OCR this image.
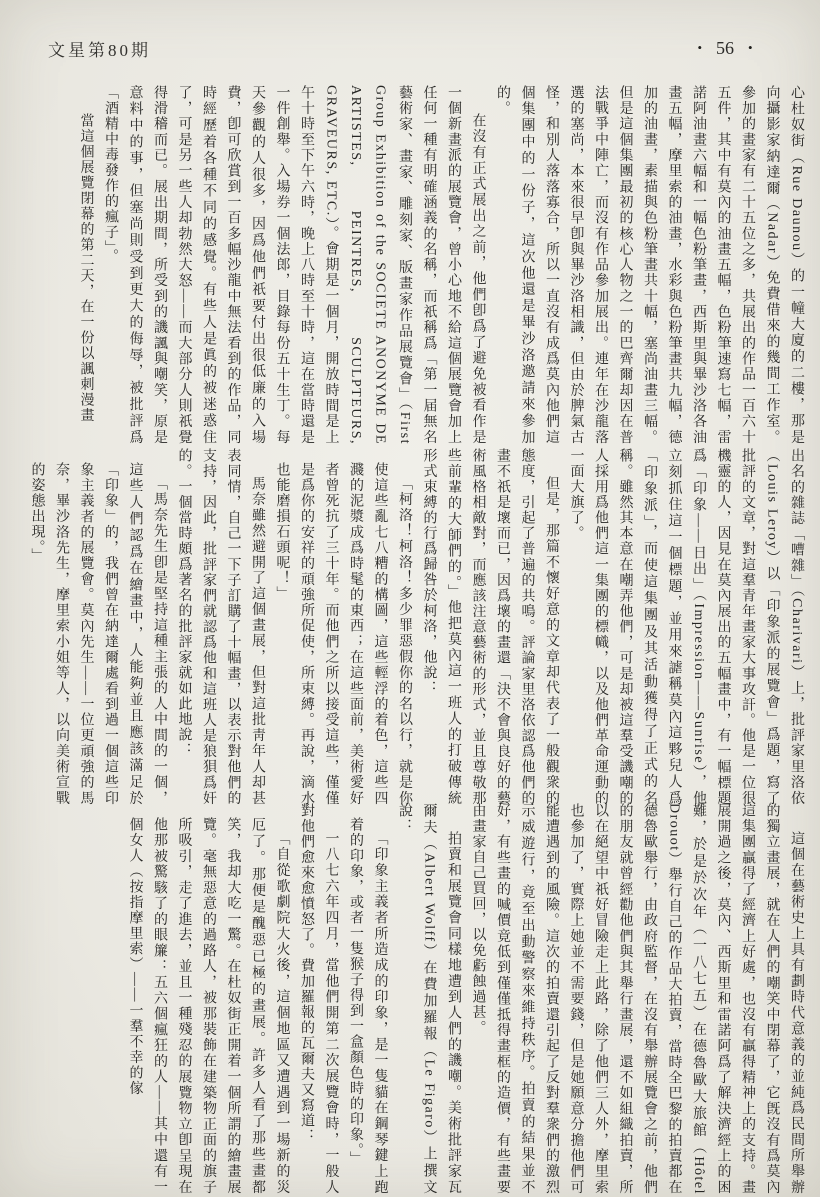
文星第80期	• 56 •

心杜奴街（Rue Daunou）的一幢大廈的二樓，那是向攝影家納達爾（Nadar）免費借來的幾間工作室。參加的畫家有二十五位之多，共展出的作品一百六十五件，其中有莫內的油畫五幅，色粉筆速寫七幅，雷諾阿油畫六幅和一幅色粉筆畫，西斯里與畢沙洛各油畫五幅，摩里索的油畫，水彩與色粉筆畫共九幅，德加的油畫，素描與色粉筆畫共十幅，塞尚油畫三幅。但是這個集團最初的核心人物之一的巴齊爾却因在普法戰爭中陣亡，而沒有作品參加展出。連年在沙龍落選的塞尚，本來很早卽與畢沙洛相識，但由於脾氣古怪，和別人落落寡合，所以一直沒有成爲莫內他們這個集團中的一份子，這次他還是畢沙洛邀請來參加的。

在沒有正式展出之前，他們卽爲了避免被看作是一個新畫派的展覽會，曾小心地不給這個展覽會加上任何一種有明確涵義的名稱，而祇稱爲「第一届無名藝術家、畫家、雕刻家、版畫家作品展覽會」（First Group Exhibition of the SOCIETE ANONYME DE ARTISTES, PEINTRES, SCULPTEURS, GRAVEURS, ETC.）。會期是一個月，開放時間是上午十時至下午六時，晚上八時至十時，這在當時還是一件創舉。入場券一個法郎，目錄每份五十生丁。每天參觀的人很多，因爲他們祇要付出很低廉的入場費，卽可欣賞到一百多幅沙龍中無法看到的作品，同時經歷着各種不同的感覺。有些人是眞的被迷惑住了，可是另一些人却勃然大怒——而大部分人則祇覺得滑稽而已。展出期間，所受到的譏諷與嘲笑，原是意料中的事，但塞尚則受到更大的侮辱，被批評爲「酒精中毒發作的瘋子」。

當這個展覽閉幕的第二天，在一份以諷刺漫畫

出名的雜誌「嘈雜」（Charivari）上，批評家里洛依（Louis Leroy）以「印象派的展覽會」爲題，寫了批評的文章，對這羣青年畫家大事攻訐。他是一位很機靈的人，因見在莫內展出的五幅畫中，有一幅標題爲「印象——日出」（Impression——Sunrise），他立刻抓住這一個標題，並用來謔稱莫內這夥兒人爲「印象派」，而使這集團及其活動獲得了正式的名稱。雖然其本意在嘲弄他們，可是却被這羣受譏嘲的人採用爲他們這一集團的標幟，以及他們革命運動的一面大旗了。

但是，那篇不懷好意的文章却代表了一般觀衆的態度，引起了普遍的共鳴。評論家里洛依認爲他們的畫不祇是壞而已，因爲壞的畫還「決不會與良好的藝術風格相敵對，而應該注意藝術的形式，並且尊敬那些前輩的大師們的。」他把莫內這一班人的打破傳統形式束縛的行爲歸咎於柯洛，他說：

「柯洛！柯洛！多少罪惡假你的名以行，就是你使這些亂七八糟的構圖，這些輕浮的着色，這些四濺的泥漿成爲時髦的東西；在這些面前，美術愛好者曾死抗了三十年。而他們之所以接受這些，僅僅是爲你的安祥的頑強所促使，所束縛。再說，滴水也能磨損石頭呢！」

馬奈雖然避開了這個畫展，但對這批靑年人却甚表同情，自己一下子訂購了十幅畫，以表示對他們的支持，因此，批評家們就認爲他和這班人是狼狽爲奸的。一個當時頗爲著名的批評家就如此地說：

「馬奈先生卽是堅持這種主張的人中間的一個，這些人們認爲在繪畫中，人能夠並且應該滿足於「印象」的，我們曾在納達爾處看到過一個這些印象主義者的展覽會。莫內先生——一位更頑強的馬奈，畢沙洛先生，摩里索小姐等人，以向美術宣戰的姿態出現。」

這個在藝術史上具有劃時代意義的並純爲民間所舉辦的獨立畫展，就在人們的嘲笑中閉幕了，它旣沒有爲莫內這集團贏得了經濟上好處，也沒有贏得精神上的支持。畫展開過之後，莫內、西斯里和雷諾阿爲了解決濟經上的困難，於是於次年（一八七五）在德魯歐大旅館（Hôtel Drouot）舉行自己的作品大拍賣，當時全巴黎的拍賣都在德魯歐舉行，由政府監督，在沒有舉辦展覽會之前，他們的朋友就曾經勸他們與其舉行畫展，還不如組織拍賣，所以在絕望中祇好冒險走上此路，除了他們三人外，摩里索也參加了，實際上她並不需要錢，但是她願意分擔他們可能遭遇到的風險。這次的拍賣還引起了反對羣衆們的激烈示威遊行，竟至出動警察來維持秩序。拍賣的結果並不好，有些畫的喊價竟低到僅僅抵得畫框的造價，有些畫要由畫家自己買回，以免虧蝕過甚。

拍賣和展覽會同樣地遭到人們的譏嘲。美術批評家瓦爾夫（Albert Wolff）在費加羅報（Le Figaro）上撰文說：

「印象主義者所造成的印象，是一隻貓在鋼琴鍵上跑着的印象，或者一隻猴子得到一盒顏色時的印象。」

一八七六年四月，當他們開第二次展覽會時，一般人對他們愈來愈憤怒了。費加羅報的瓦爾夫又寫道：

「自從歌劇院大火後，這個地區又遭遇到一場新的災厄了。那便是醜惡已極的畫展。許多人看了那些畫都笑，我却大吃一驚。在杜奴街正開着一個所謂的繪畫展覽。毫無惡意的過路人，被那裝飾在建築物正面的旗子所吸引，走了進去，並且一種殘忍的展覽物立卽呈現在他那被驚駭了的眼簾：五六個瘋狂的人——其中還有一個女人（按指摩里索）——一羣不幸的傢
